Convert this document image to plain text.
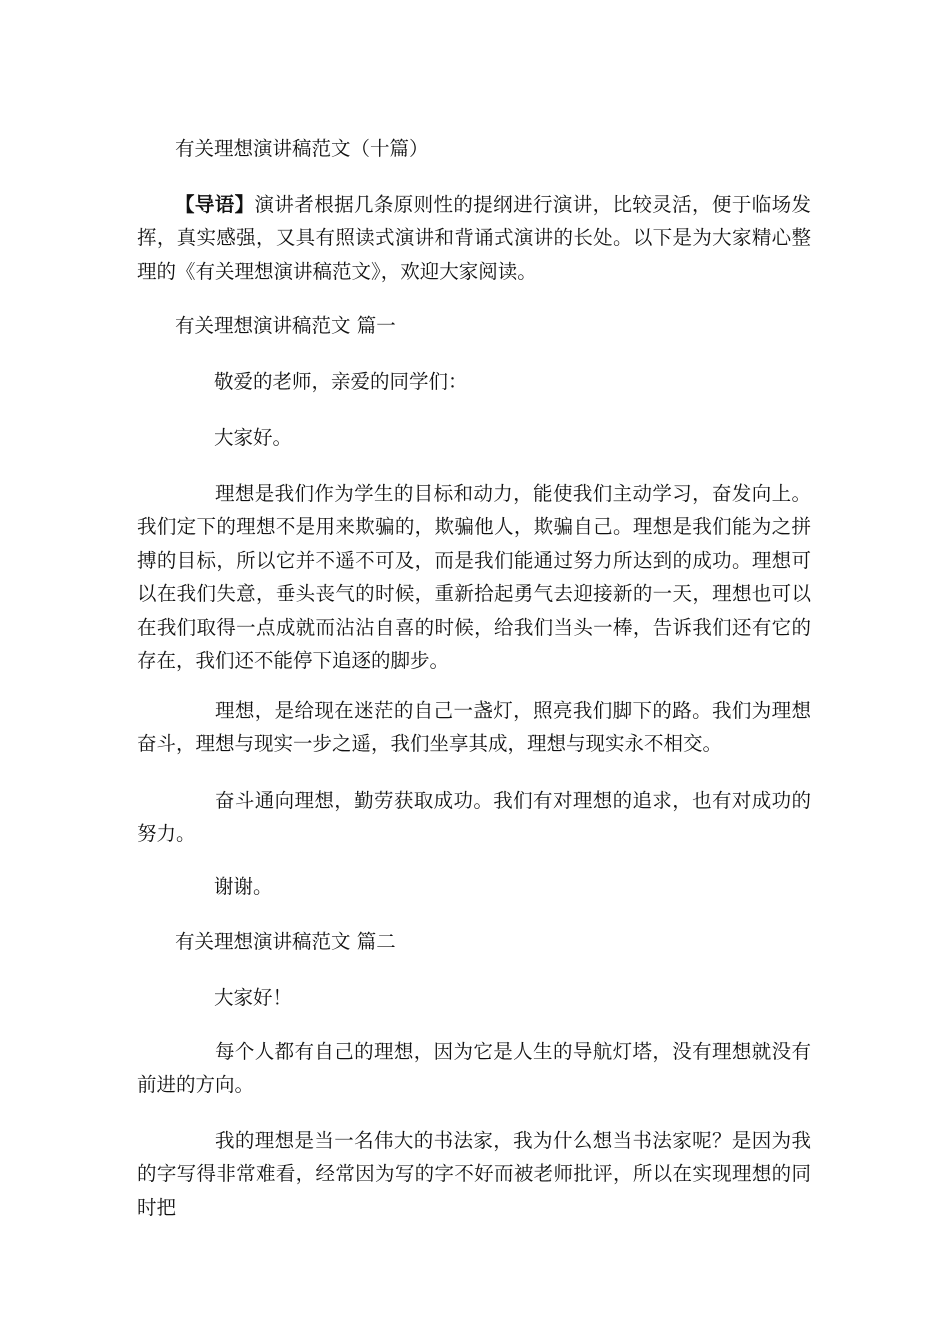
有关理想演讲稿范文（十篇）

【导语】演讲者根据几条原则性的提纲进行演讲，比较灵活，便于临场发挥，真实感强，又具有照读式演讲和背诵式演讲的长处。以下是为大家精心整理的《有关理想演讲稿范文》，欢迎大家阅读。

有关理想演讲稿范文 篇一

敬爱的老师，亲爱的同学们：

大家好。

理想是我们作为学生的目标和动力，能使我们主动学习，奋发向上。我们定下的理想不是用来欺骗的，欺骗他人，欺骗自己。理想是我们能为之拼搏的目标，所以它并不遥不可及，而是我们能通过努力所达到的成功。理想可以在我们失意，垂头丧气的时候，重新拾起勇气去迎接新的一天，理想也可以在我们取得一点成就而沾沾自喜的时候，给我们当头一棒，告诉我们还有它的存在，我们还不能停下追逐的脚步。

理想，是给现在迷茫的自己一盏灯，照亮我们脚下的路。我们为理想奋斗，理想与现实一步之遥，我们坐享其成，理想与现实永不相交。

奋斗通向理想，勤劳获取成功。我们有对理想的追求，也有对成功的努力。

谢谢。

有关理想演讲稿范文 篇二

大家好！

每个人都有自己的理想，因为它是人生的导航灯塔，没有理想就没有前进的方向。

我的理想是当一名伟大的书法家，我为什么想当书法家呢？是因为我的字写得非常难看，经常因为写的字不好而被老师批评，所以在实现理想的同时把
